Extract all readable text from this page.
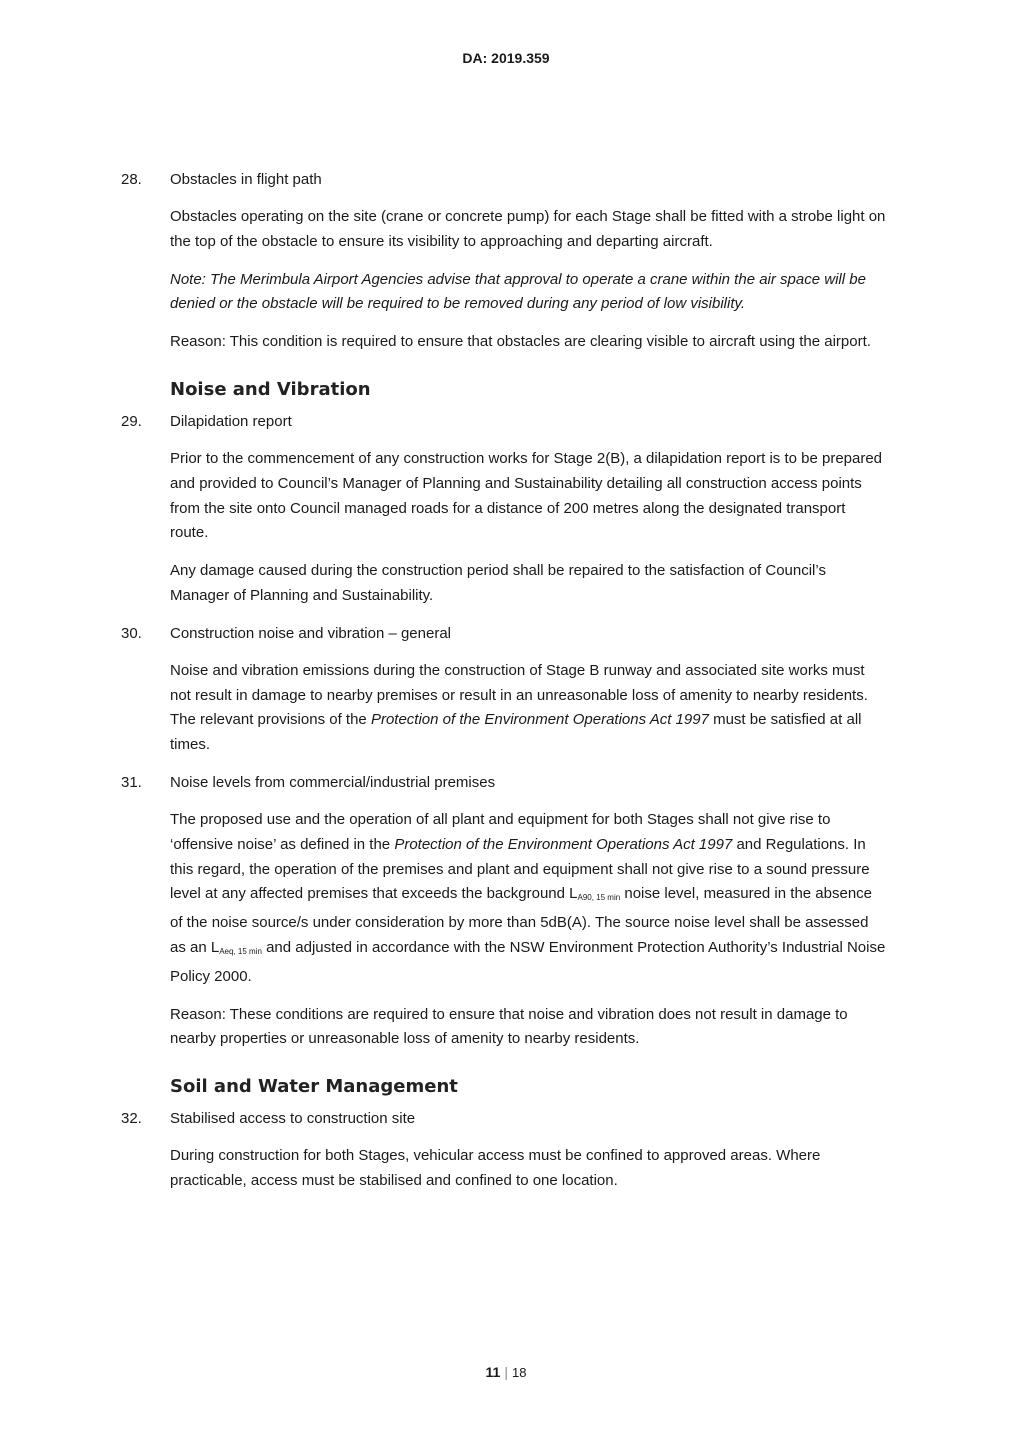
DA: 2019.359
28. Obstacles in flight path

Obstacles operating on the site (crane or concrete pump) for each Stage shall be fitted with a strobe light on the top of the obstacle to ensure its visibility to approaching and departing aircraft.

Note: The Merimbula Airport Agencies advise that approval to operate a crane within the air space will be denied or the obstacle will be required to be removed during any period of low visibility.

Reason: This condition is required to ensure that obstacles are clearing visible to aircraft using the airport.

Noise and Vibration
29. Dilapidation report

Prior to the commencement of any construction works for Stage 2(B), a dilapidation report is to be prepared and provided to Council’s Manager of Planning and Sustainability detailing all construction access points from the site onto Council managed roads for a distance of 200 metres along the designated transport route.

Any damage caused during the construction period shall be repaired to the satisfaction of Council’s Manager of Planning and Sustainability.

30. Construction noise and vibration – general

Noise and vibration emissions during the construction of Stage B runway and associated site works must not result in damage to nearby premises or result in an unreasonable loss of amenity to nearby residents. The relevant provisions of the Protection of the Environment Operations Act 1997 must be satisfied at all times.

31. Noise levels from commercial/industrial premises

The proposed use and the operation of all plant and equipment for both Stages shall not give rise to ‘offensive noise’ as defined in the Protection of the Environment Operations Act 1997 and Regulations. In this regard, the operation of the premises and plant and equipment shall not give rise to a sound pressure level at any affected premises that exceeds the background $L_{A90, 15 min}$ noise level, measured in the absence of the noise source/s under consideration by more than 5dB(A). The source noise level shall be assessed as an $L_{Aeq, 15 min}$ and adjusted in accordance with the NSW Environment Protection Authority’s Industrial Noise Policy 2000.

Reason: These conditions are required to ensure that noise and vibration does not result in damage to nearby properties or unreasonable loss of amenity to nearby residents.

Soil and Water Management
32. Stabilised access to construction site

During construction for both Stages, vehicular access must be confined to approved areas. Where practicable, access must be stabilised and confined to one location.

11 | 18
